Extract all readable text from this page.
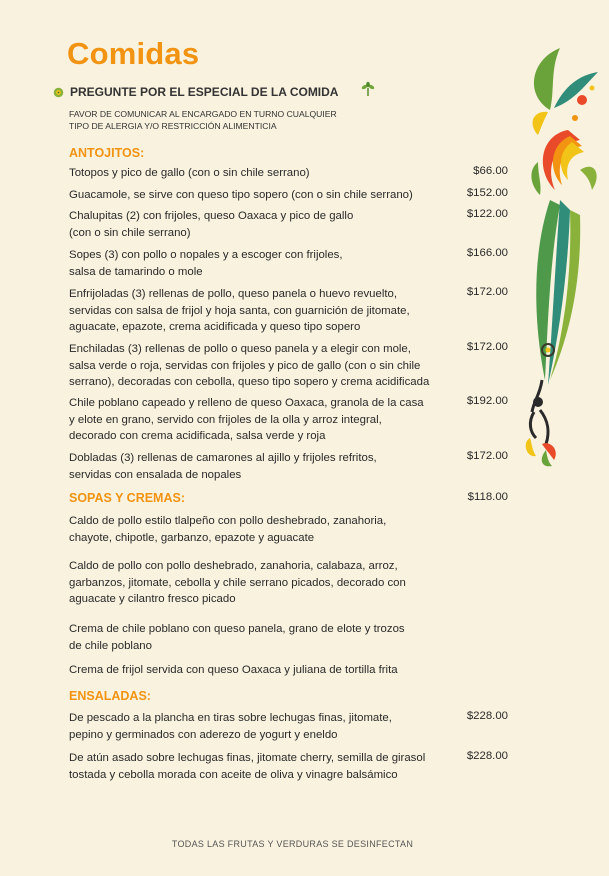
Comidas
PREGUNTE POR EL ESPECIAL DE LA COMIDA
FAVOR DE COMUNICAR AL ENCARGADO EN TURNO CUALQUIER
TIPO DE ALERGIA Y/O RESTRICCIÓN ALIMENTICIA
ANTOJITOS:
Totopos y pico de gallo (con o sin chile serrano)	$66.00
Guacamole, se sirve con queso tipo sopero (con o sin chile serrano)	$152.00
Chalupitas (2) con frijoles, queso Oaxaca y pico de gallo
(con o sin chile serrano)
$122.00
Sopes (3) con pollo o nopales y a escoger con frijoles,
salsa de tamarindo o mole
$166.00
Enfrijoladas (3) rellenas de pollo, queso panela o huevo revuelto,
servidas con salsa de frijol y hoja santa, con guarnición de jitomate,
aguacate, epazote, crema acidificada y queso tipo sopero
$172.00
Enchiladas (3) rellenas de pollo o queso panela y a elegir con mole,
salsa verde o roja, servidas con frijoles y pico de gallo (con o sin chile
serrano), decoradas con cebolla, queso tipo sopero y crema acidificada
$172.00
Chile poblano capeado y relleno de queso Oaxaca, granola de la casa
y elote en grano, servido con frijoles de la olla y arroz integral,
decorado con crema acidificada, salsa verde y roja
$192.00
Dobladas (3) rellenas de camarones al ajillo y frijoles refritos,
servidas con ensalada de nopales
$172.00
SOPAS Y CREMAS:	$118.00
Caldo de pollo estilo tlalpeño con pollo deshebrado, zanahoria,
chayote, chipotle, garbanzo, epazote y aguacate
Caldo de pollo con pollo deshebrado, zanahoria, calabaza, arroz,
garbanzos, jitomate, cebolla y chile serrano picados, decorado con
aguacate y cilantro fresco picado
Crema de chile poblano con queso panela, grano de elote y trozos
de chile poblano
Crema de frijol servida con queso Oaxaca y juliana de tortilla frita
ENSALADAS:
De pescado a la plancha en tiras sobre lechugas finas, jitomate,
pepino y germinados con aderezo de yogurt y eneldo
$228.00
De atún asado sobre lechugas finas, jitomate cherry, semilla de girasol
tostada y cebolla morada con aceite de oliva y vinagre balsámico
$228.00
TODAS LAS FRUTAS Y VERDURAS SE DESINFECTAN
